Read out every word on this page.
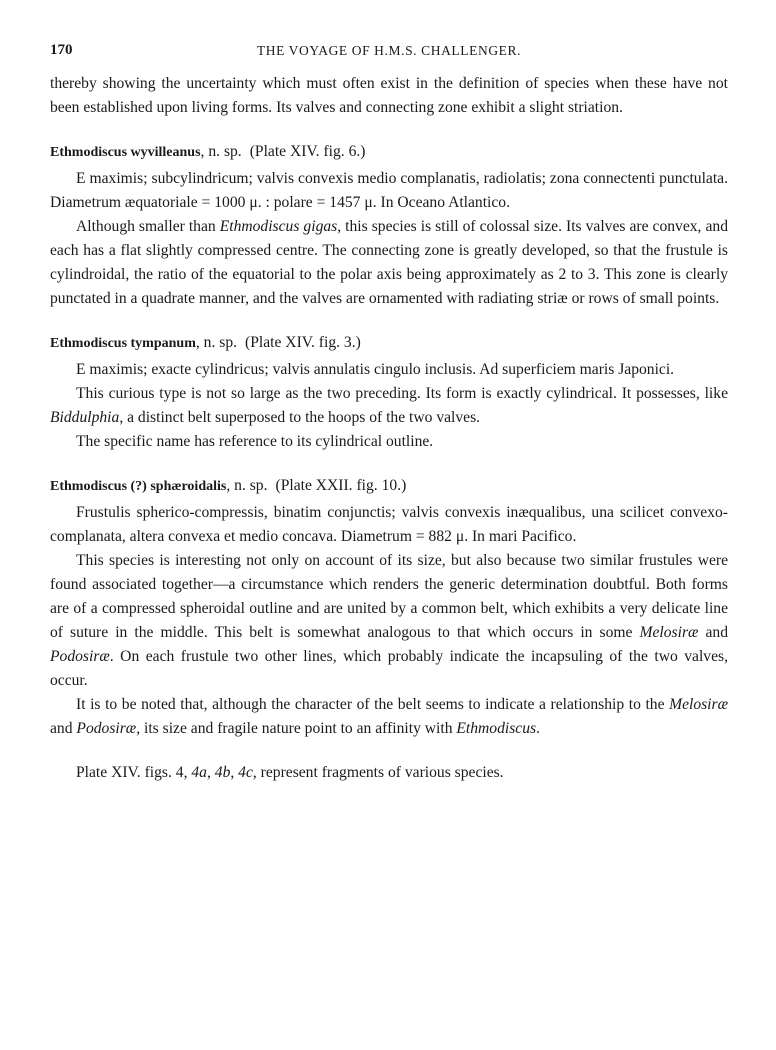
170	THE VOYAGE OF H.M.S. CHALLENGER.

thereby showing the uncertainty which must often exist in the definition of species when these have not been established upon living forms. Its valves and connecting zone exhibit a slight striation.

Ethmodiscus wyvilleanus, n. sp. (Plate XIV. fig. 6.)

E maximis; subcylindricum; valvis convexis medio complanatis, radiolatis; zona connectenti punctulata. Diametrum æquatoriale = 1000 μ. : polare = 1457 μ. In Oceano Atlantico.

Although smaller than Ethmodiscus gigas, this species is still of colossal size. Its valves are convex, and each has a flat slightly compressed centre. The connecting zone is greatly developed, so that the frustule is cylindroidal, the ratio of the equatorial to the polar axis being approximately as 2 to 3. This zone is clearly punctated in a quadrate manner, and the valves are ornamented with radiating striæ or rows of small points.

Ethmodiscus tympanum, n. sp. (Plate XIV. fig. 3.)

E maximis; exacte cylindricus; valvis annulatis cingulo inclusis. Ad superficiem maris Japonici.

This curious type is not so large as the two preceding. Its form is exactly cylindrical. It possesses, like Biddulphia, a distinct belt superposed to the hoops of the two valves.

The specific name has reference to its cylindrical outline.

Ethmodiscus (?) sphæroidalis, n. sp. (Plate XXII. fig. 10.)

Frustulis spherico-compressis, binatim conjunctis; valvis convexis inæqualibus, una scilicet convexo-complanata, altera convexa et medio concava. Diametrum = 882 μ. In mari Pacifico.

This species is interesting not only on account of its size, but also because two similar frustules were found associated together—a circumstance which renders the generic determination doubtful. Both forms are of a compressed spheroidal outline and are united by a common belt, which exhibits a very delicate line of suture in the middle. This belt is somewhat analogous to that which occurs in some Melosiræ and Podosiræ. On each frustule two other lines, which probably indicate the incapsuling of the two valves, occur.

It is to be noted that, although the character of the belt seems to indicate a relationship to the Melosiræ and Podosiræ, its size and fragile nature point to an affinity with Ethmodiscus.

Plate XIV. figs. 4, 4a, 4b, 4c, represent fragments of various species.
